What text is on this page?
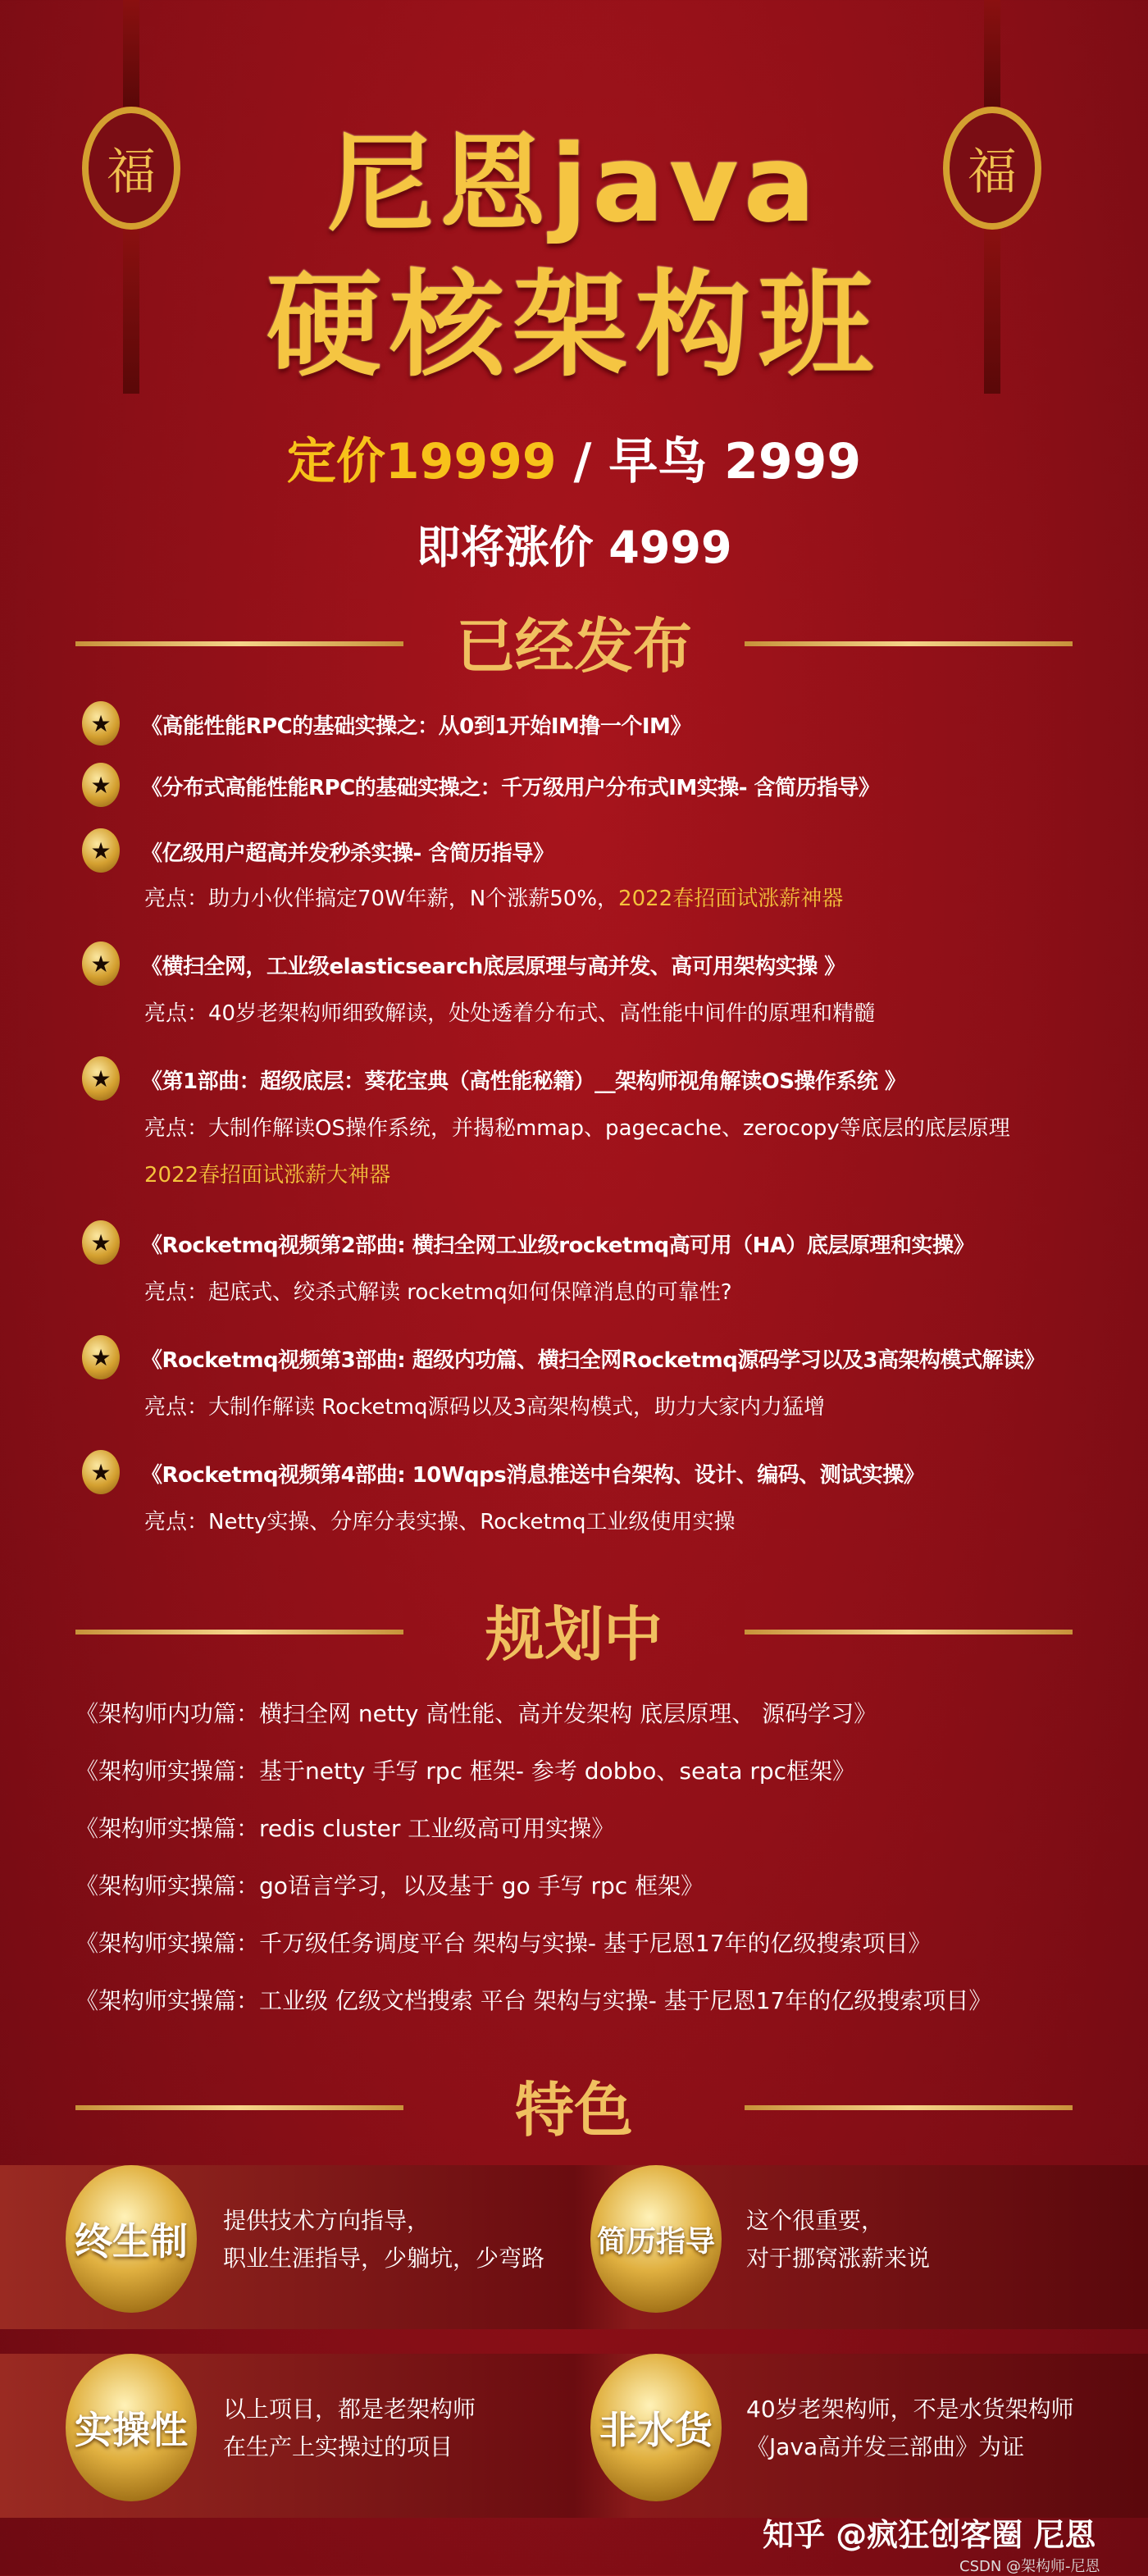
福	福
尼恩java
硬核架构班
定价19999 / 早鸟 2999
即将涨价 4999
已经发布
★	《高能性能RPC的基础实操之：从0到1开始IM撸一个IM》
★	《分布式高能性能RPC的基础实操之：千万级用户分布式IM实操- 含简历指导》
★	《亿级用户超高并发秒杀实操- 含简历指导》
亮点：助力小伙伴搞定70W年薪，N个涨薪50%，2022春招面试涨薪神器
★	《横扫全网，工业级elasticsearch底层原理与高并发、高可用架构实操 》
亮点：40岁老架构师细致解读，处处透着分布式、高性能中间件的原理和精髓
★	《第1部曲：超级底层：葵花宝典（高性能秘籍）__架构师视角解读OS操作系统 》
亮点：大制作解读OS操作系统，并揭秘mmap、pagecache、zerocopy等底层的底层原理
2022春招面试涨薪大神器
★	《Rocketmq视频第2部曲: 横扫全网工业级rocketmq高可用（HA）底层原理和实操》
亮点：起底式、绞杀式解读 rocketmq如何保障消息的可靠性?
★	《Rocketmq视频第3部曲: 超级内功篇、横扫全网Rocketmq源码学习以及3高架构模式解读》
亮点：大制作解读 Rocketmq源码以及3高架构模式，助力大家内力猛增
★	《Rocketmq视频第4部曲: 10Wqps消息推送中台架构、设计、编码、测试实操》
亮点：Netty实操、分库分表实操、Rocketmq工业级使用实操
规划中
《架构师内功篇：横扫全网 netty 高性能、高并发架构 底层原理、 源码学习》
《架构师实操篇：基于netty 手写 rpc 框架- 参考 dobbo、seata rpc框架》
《架构师实操篇：redis cluster 工业级高可用实操》
《架构师实操篇：go语言学习，以及基于 go 手写 rpc 框架》
《架构师实操篇：千万级任务调度平台 架构与实操- 基于尼恩17年的亿级搜索项目》
《架构师实操篇：工业级 亿级文档搜索 平台 架构与实操- 基于尼恩17年的亿级搜索项目》
特色
终生制	提供技术方向指导，
职业生涯指导，少躺坑，少弯路 简历指导
这个很重要，
对于挪窝涨薪来说
实操性	以上项目，都是老架构师
在生产上实操过的项目	非水货	40岁老架构师，不是水货架构师
《Java高并发三部曲》为证
知乎 @疯狂创客圈 尼恩
CSDN @架构师-尼恩
